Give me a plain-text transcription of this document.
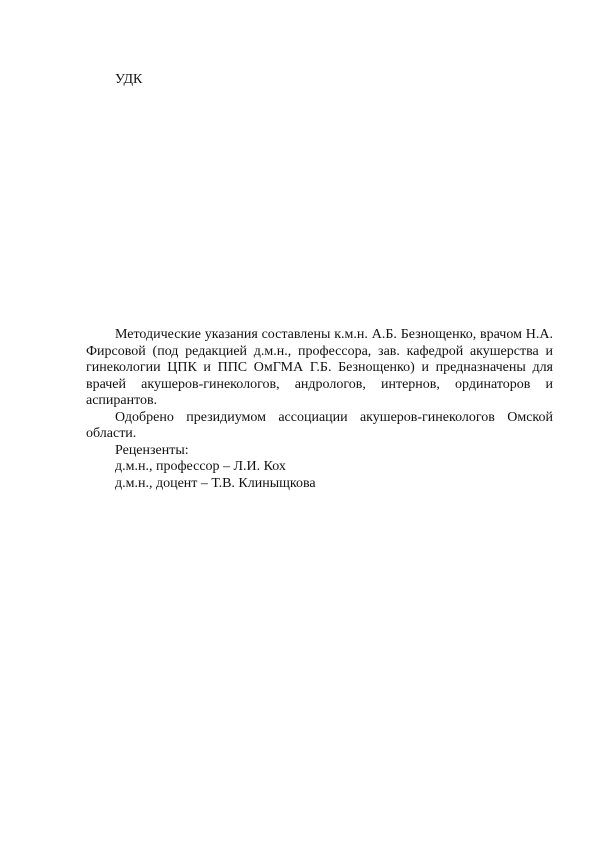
УДК

Методические указания составлены к.м.н. А.Б. Безнощенко, врачом Н.А. Фирсовой (под редакцией д.м.н., профессора, зав. кафедрой акушерства и гинекологии ЦПК и ППС ОмГМА Г.Б. Безнощенко) и предназначены для врачей акушеров-гинекологов, андрологов, интернов, ординаторов и аспирантов.

Одобрено президиумом ассоциации акушеров-гинекологов Омской области.

Рецензенты:

д.м.н., профессор – Л.И. Кох

д.м.н., доцент – Т.В. Клиныщкова
